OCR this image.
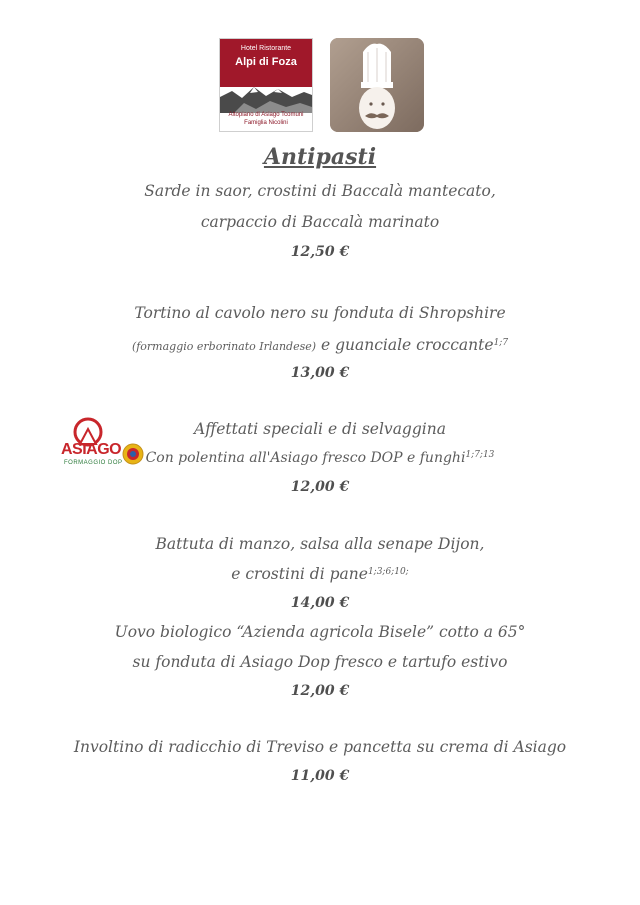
Hotel Ristorante
Alpi di Foza
Altopiano di Asiago Tcomuni
Famiglia Nicolini
Antipasti
Sarde in saor, crostini di Baccalà mantecato,
carpaccio di Baccalà marinato
12,50 €
Tortino al cavolo nero su fonduta di Shropshire
(formaggio erborinato Irlandese) e guanciale croccante$^{1;7}$
13,00 €
ASIAGO
FORMAGGIO DOP
Affettati speciali e di selvaggina
Con polentina all'Asiago fresco DOP e funghi$^{1;7;13}$
12,00 €
Battuta di manzo, salsa alla senape Dijon,
e crostini di pane$^{1;3;6;10;}$
14,00 €
Uovo biologico “Azienda agricola Bisele” cotto a 65°
su fonduta di Asiago Dop fresco e tartufo estivo
12,00 €
Involtino di radicchio di Treviso e pancetta su crema di Asiago
11,00 €
